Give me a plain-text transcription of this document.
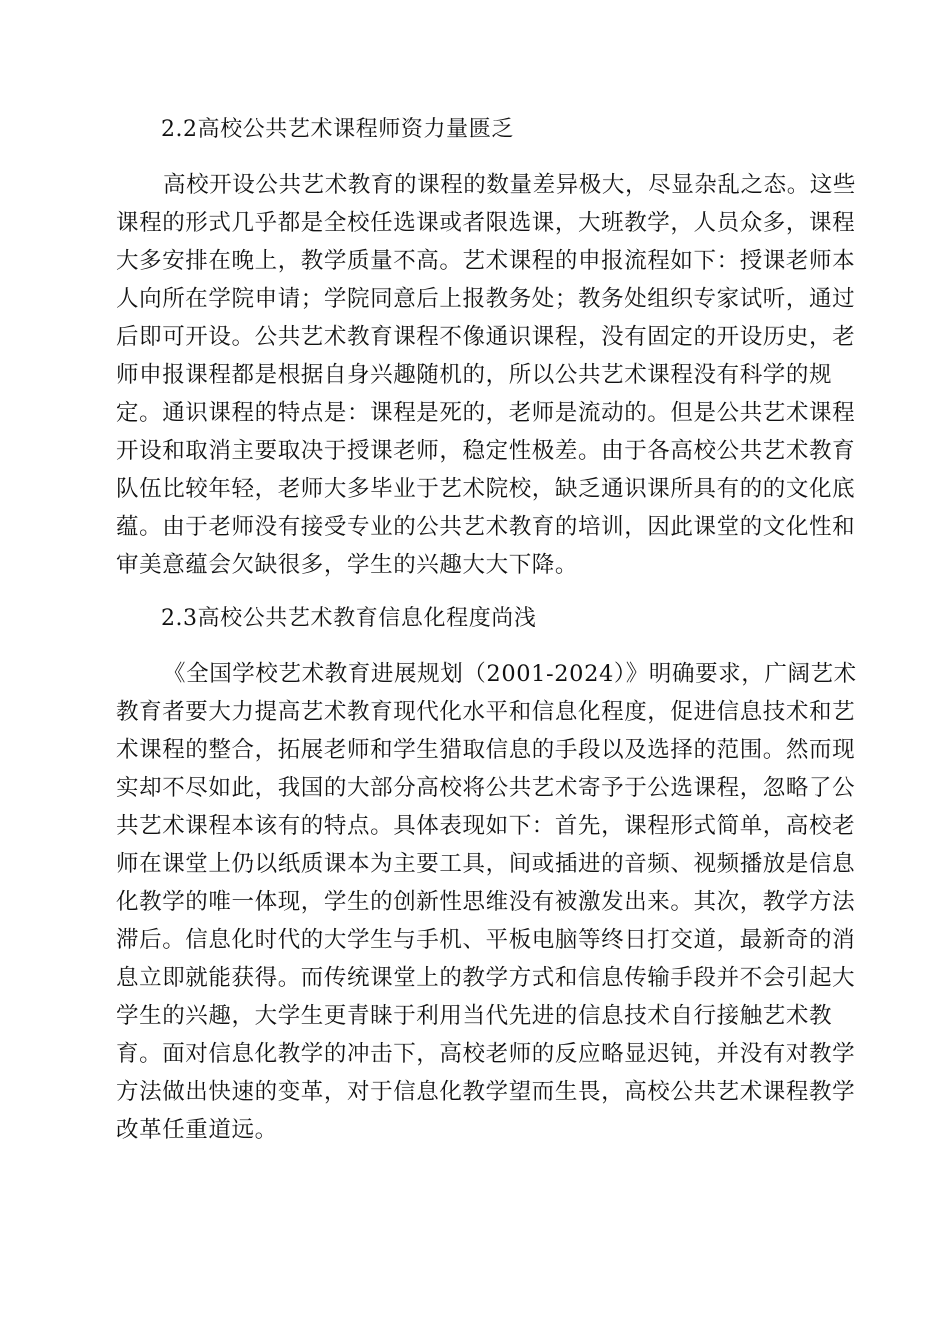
2.2高校公共艺术课程师资力量匮乏
高校开设公共艺术教育的课程的数量差异极大，尽显杂乱之态。这些
课程的形式几乎都是全校任选课或者限选课，大班教学，人员众多，课程
大多安排在晚上，教学质量不高。艺术课程的申报流程如下：授课老师本
人向所在学院申请；学院同意后上报教务处；教务处组织专家试听，通过
后即可开设。公共艺术教育课程不像通识课程，没有固定的开设历史，老
师申报课程都是根据自身兴趣随机的，所以公共艺术课程没有科学的规
定。通识课程的特点是：课程是死的，老师是流动的。但是公共艺术课程
开设和取消主要取决于授课老师，稳定性极差。由于各高校公共艺术教育
队伍比较年轻，老师大多毕业于艺术院校，缺乏通识课所具有的的文化底
蕴。由于老师没有接受专业的公共艺术教育的培训，因此课堂的文化性和
审美意蕴会欠缺很多，学生的兴趣大大下降。
2.3高校公共艺术教育信息化程度尚浅
《全国学校艺术教育进展规划（2001-2024）》明确要求，广阔艺术
教育者要大力提高艺术教育现代化水平和信息化程度，促进信息技术和艺
术课程的整合，拓展老师和学生猎取信息的手段以及选择的范围。然而现
实却不尽如此，我国的大部分高校将公共艺术寄予于公选课程，忽略了公
共艺术课程本该有的特点。具体表现如下：首先，课程形式简单，高校老
师在课堂上仍以纸质课本为主要工具，间或插进的音频、视频播放是信息
化教学的唯一体现，学生的创新性思维没有被激发出来。其次，教学方法
滞后。信息化时代的大学生与手机、平板电脑等终日打交道，最新奇的消
息立即就能获得。而传统课堂上的教学方式和信息传输手段并不会引起大
学生的兴趣，大学生更青睐于利用当代先进的信息技术自行接触艺术教
育。面对信息化教学的冲击下，高校老师的反应略显迟钝，并没有对教学
方法做出快速的变革，对于信息化教学望而生畏，高校公共艺术课程教学
改革任重道远。
